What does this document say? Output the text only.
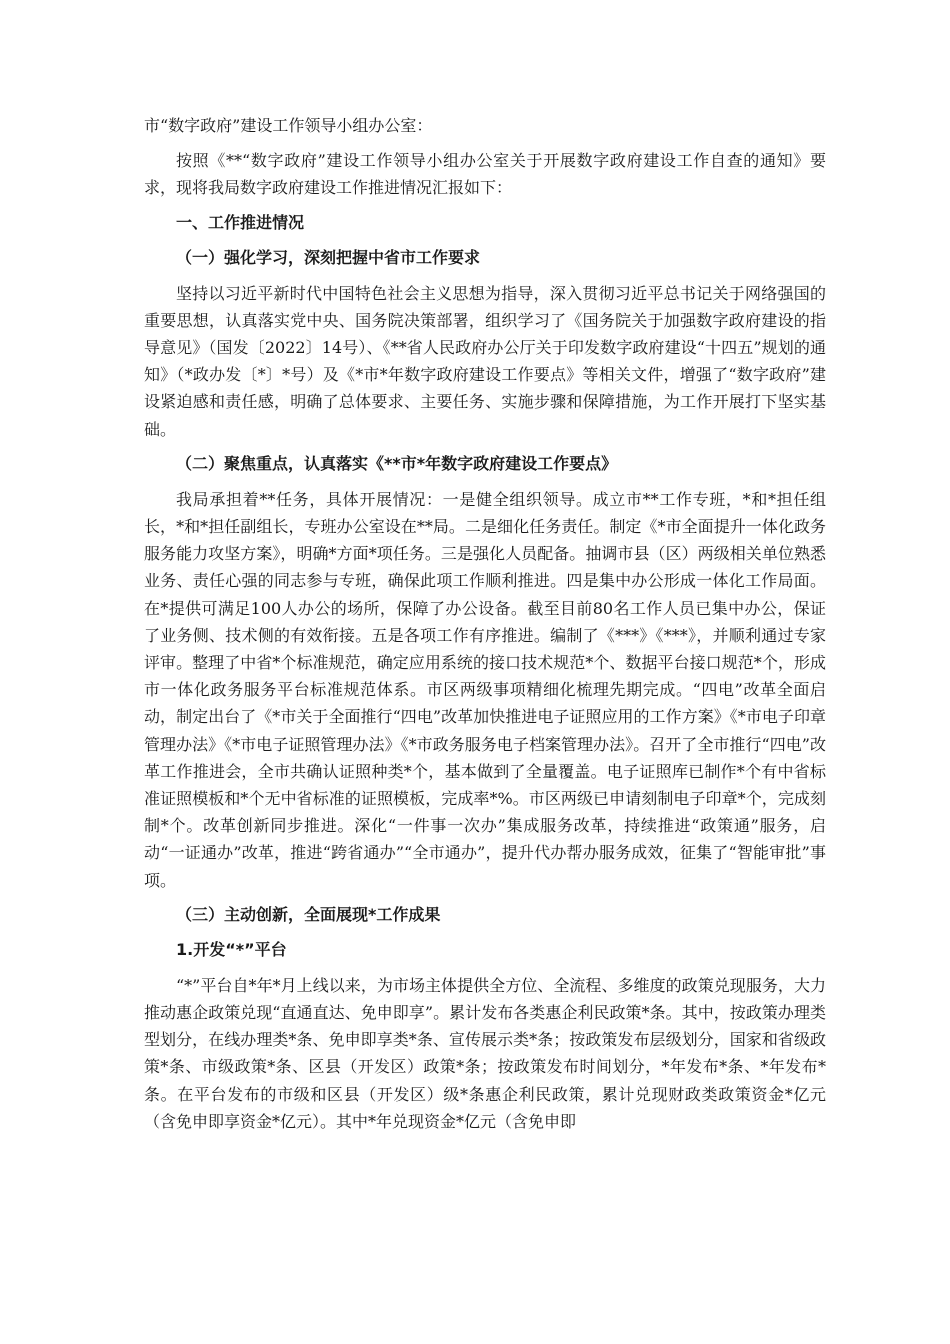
市“数字政府”建设工作领导小组办公室：

按照《**“数字政府”建设工作领导小组办公室关于开展数字政府建设工作自查的通知》要求，现将我局数字政府建设工作推进情况汇报如下：

一、工作推进情况

（一）强化学习，深刻把握中省市工作要求

坚持以习近平新时代中国特色社会主义思想为指导，深入贯彻习近平总书记关于网络强国的重要思想，认真落实党中央、国务院决策部署，组织学习了《国务院关于加强数字政府建设的指导意见》（国发〔2022〕14号）、《**省人民政府办公厅关于印发数字政府建设“十四五”规划的通知》（*政办发〔*〕*号）及《*市*年数字政府建设工作要点》等相关文件，增强了“数字政府”建设紧迫感和责任感，明确了总体要求、主要任务、实施步骤和保障措施，为工作开展打下坚实基础。

（二）聚焦重点，认真落实《**市*年数字政府建设工作要点》

我局承担着**任务，具体开展情况：一是健全组织领导。成立市**工作专班，*和*担任组长，*和*担任副组长，专班办公室设在**局。二是细化任务责任。制定《*市全面提升一体化政务服务能力攻坚方案》，明确*方面*项任务。三是强化人员配备。抽调市县（区）两级相关单位熟悉业务、责任心强的同志参与专班，确保此项工作顺利推进。四是集中办公形成一体化工作局面。在*提供可满足100人办公的场所，保障了办公设备。截至目前80名工作人员已集中办公，保证了业务侧、技术侧的有效衔接。五是各项工作有序推进。编制了《***》《***》，并顺利通过专家评审。整理了中省*个标准规范，确定应用系统的接口技术规范*个、数据平台接口规范*个，形成市一体化政务服务平台标准规范体系。市区两级事项精细化梳理先期完成。“四电”改革全面启动，制定出台了《*市关于全面推行“四电”改革加快推进电子证照应用的工作方案》《*市电子印章管理办法》《*市电子证照管理办法》《*市政务服务电子档案管理办法》。召开了全市推行“四电”改革工作推进会，全市共确认证照种类*个，基本做到了全量覆盖。电子证照库已制作*个有中省标准证照模板和*个无中省标准的证照模板，完成率*%。市区两级已申请刻制电子印章*个，完成刻制*个。改革创新同步推进。深化“一件事一次办”集成服务改革，持续推进“政策通”服务，启动“一证通办”改革，推进“跨省通办”“全市通办”，提升代办帮办服务成效，征集了“智能审批”事项。

（三）主动创新，全面展现*工作成果

1.开发“*”平台

“*”平台自*年*月上线以来，为市场主体提供全方位、全流程、多维度的政策兑现服务，大力推动惠企政策兑现“直通直达、免申即享”。累计发布各类惠企利民政策*条。其中，按政策办理类型划分，在线办理类*条、免申即享类*条、宣传展示类*条；按政策发布层级划分，国家和省级政策*条、市级政策*条、区县（开发区）政策*条；按政策发布时间划分，*年发布*条、*年发布*条。在平台发布的市级和区县（开发区）级*条惠企利民政策，累计兑现财政类政策资金*亿元（含免申即享资金*亿元）。其中*年兑现资金*亿元（含免申即
